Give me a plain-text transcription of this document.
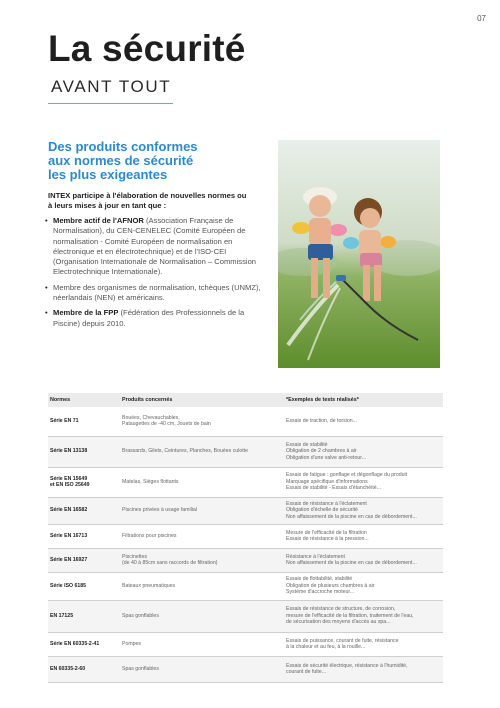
07
La sécurité
AVANT TOUT
Des produits conformes
aux normes de sécurité
les plus exigeantes
INTEX participe à l'élaboration de nouvelles normes ou à leurs mises à jour en tant que :
• Membre actif de l'AFNOR (Association Française de Normalisation), du CEN-CENELEC (Comité Européen de normalisation - Comité Européen de normalisation en électronique et en électrotechnique) et de l'ISO-CEI (Organisation Internationale de Normalisation – Commission Electrotechnique Internationale).
• Membre des organismes de normalisation, tchèques (UNMZ), néerlandais (NEN) et américains.
• Membre de la FPP (Fédération des Professionnels de la Piscine) depuis 2010.
Normes	Produits concernés	*Exemples de tests réalisés*

Série EN 71	Bouées, Chevauchables,
Pataugettes de -40 cm, Jouets de bain	Essais de traction, de torsion...

Série EN 13138	Brassards, Gilets, Ceintures, Planches, Bouées culotte	Essais de stabilité
Obligation de 2 chambres à air
Obligation d'une valve anti-retour...

Série EN 15649
et EN ISO 25649	Matelas, Sièges flottants	Essais de fatigue : gonflage et dégonflage du produit
Marquage spécifique d'informations
Essais de stabilité - Essais d'étanchéité...

Série EN 16582	Piscines privées à usage familial	Essais de résistance à l'éclatement
Obligation d'échelle de sécurité
Non affaissement de la piscine en cas de débordement...

Série EN 16713	Filtrations pour piscines	Mesure de l'efficacité de la filtration
Essais de résistance à la pression...

Série EN 16927	Piscinettes
(de 40 à 85cm sans raccords de filtration)	Résistance à l'éclatement
Non affaissement de la piscine en cas de débordement...

Série ISO 6185	Bateaux pneumatiques	Essais de flottabilité, stabilité
Obligation de plusieurs chambres à air
Système d'accroche moteur...

EN 17125	Spas gonflables	Essais de résistance de structure, de corrosion,
mesure de l'efficacité de la filtration, traitement de l'eau,
de sécurisation des moyens d'accès au spa...

Série EN 60335-2-41	Pompes	Essais de puissance, courant de fuite, résistance
à la chaleur et au feu, à la rouille...

EN 60335-2-60	Spas gonflables	Essais de sécurité électrique, résistance à l'humidité,
courant de fuite...
